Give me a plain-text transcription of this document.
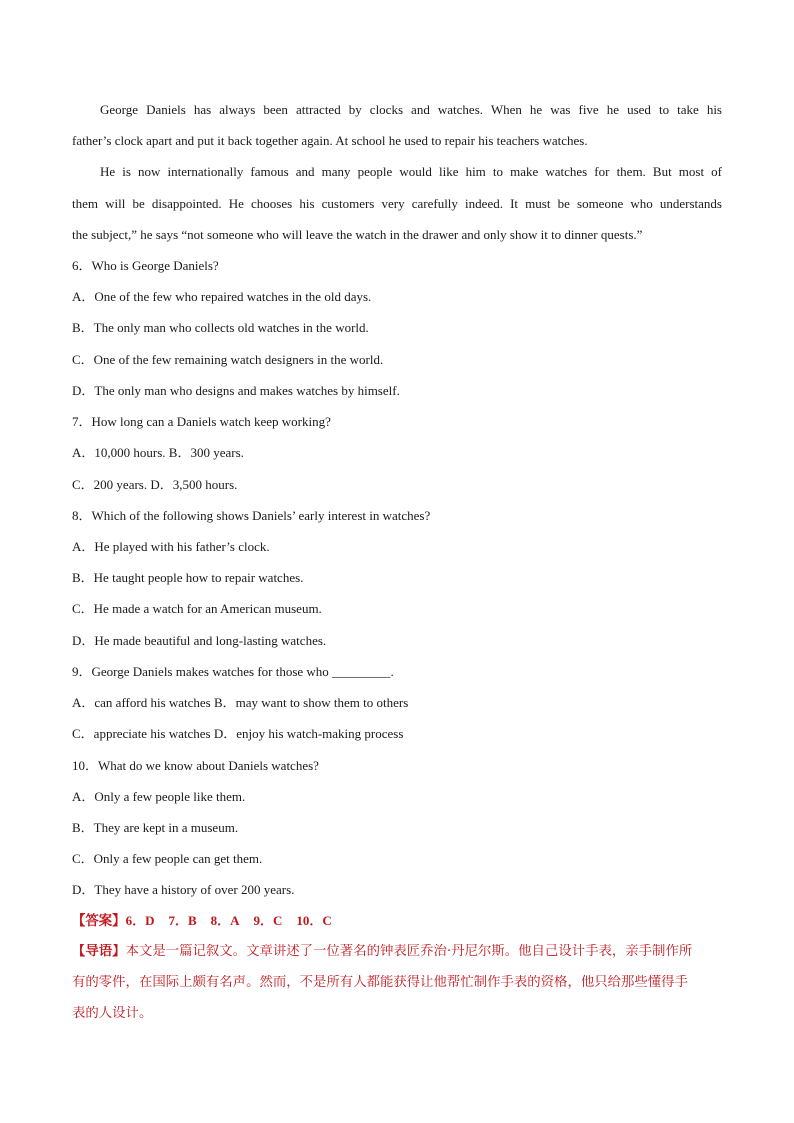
George Daniels has always been attracted by clocks and watches. When he was five he used to take his
father’s clock apart and put it back together again. At school he used to repair his teachers watches.
He is now internationally famous and many people would like him to make watches for them. But most of
them will be disappointed. He chooses his customers very carefully indeed. It must be someone who understands
the subject,” he says “not someone who will leave the watch in the drawer and only show it to dinner quests.”
6．Who is George Daniels?
A．One of the few who repaired watches in the old days.
B．The only man who collects old watches in the world.
C．One of the few remaining watch designers in the world.
D．The only man who designs and makes watches by himself.
7．How long can a Daniels watch keep working?
A．10,000 hours. B．300 years.
C．200 years. D．3,500 hours.
8．Which of the following shows Daniels’ early interest in watches?
A．He played with his father’s clock.
B．He taught people how to repair watches.
C．He made a watch for an American museum.
D．He made beautiful and long-lasting watches.
9．George Daniels makes watches for those who _________.
A．can afford his watches B．may want to show them to others
C．appreciate his watches D．enjoy his watch-making process
10．What do we know about Daniels watches?
A．Only a few people like them.
B．They are kept in a museum.
C．Only a few people can get them.
D．They have a history of over 200 years.
【答案】6．D 7．B 8．A 9．C 10．C
【导语】本文是一篇记叙文。文章讲述了一位著名的钟表匠乔治·丹尼尔斯。他自己设计手表，亲手制作所
有的零件，在国际上颇有名声。然而，不是所有人都能获得让他帮忙制作手表的资格，他只给那些懂得手
表的人设计。
